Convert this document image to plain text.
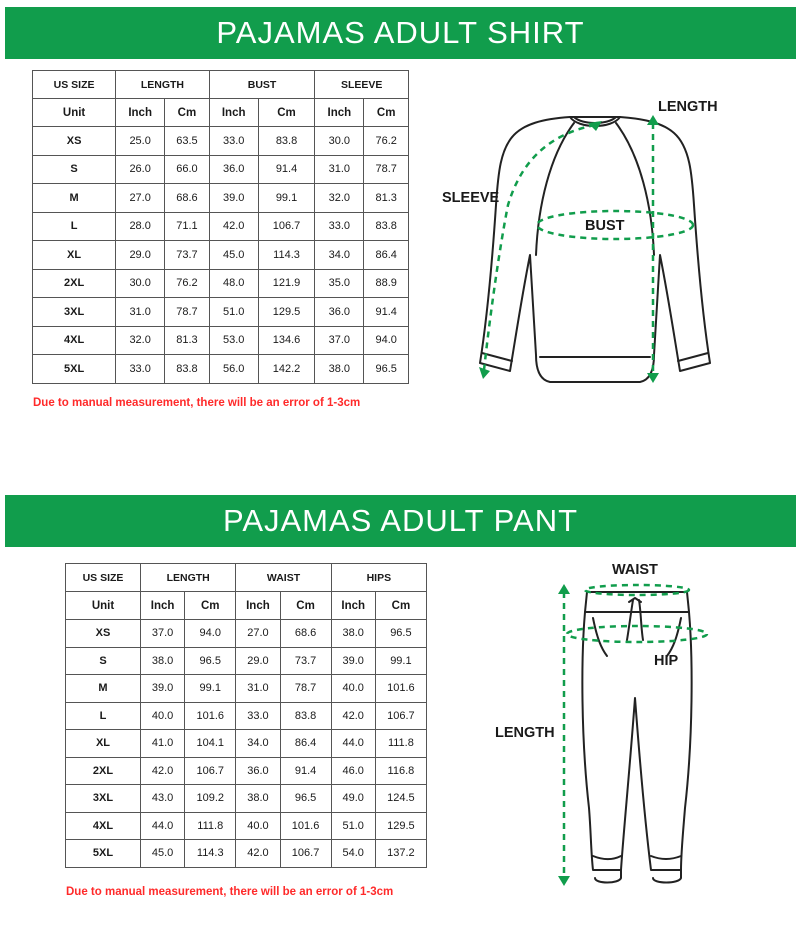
PAJAMAS ADULT SHIRT
US SIZE	LENGTH		BUST		SLEEVE	
Unit	Inch	Cm	Inch	Cm	Inch	Cm
XS	25.0	63.5	33.0	83.8	30.0	76.2
S	26.0	66.0	36.0	91.4	31.0	78.7
M	27.0	68.6	39.0	99.1	32.0	81.3
L	28.0	71.1	42.0	106.7	33.0	83.8
XL	29.0	73.7	45.0	114.3	34.0	86.4
2XL	30.0	76.2	48.0	121.9	35.0	88.9
3XL	31.0	78.7	51.0	129.5	36.0	91.4
4XL	32.0	81.3	53.0	134.6	37.0	94.0
5XL	33.0	83.8	56.0	142.2	38.0	96.5
Due to manual measurement, there will be an error of 1-3cm
LENGTH
SLEEVE
BUST
PAJAMAS ADULT PANT
US SIZE	LENGTH		WAIST		HIPS	
Unit	Inch	Cm	Inch	Cm	Inch	Cm
XS	37.0	94.0	27.0	68.6	38.0	96.5
S	38.0	96.5	29.0	73.7	39.0	99.1
M	39.0	99.1	31.0	78.7	40.0	101.6
L	40.0	101.6	33.0	83.8	42.0	106.7
XL	41.0	104.1	34.0	86.4	44.0	111.8
2XL	42.0	106.7	36.0	91.4	46.0	116.8
3XL	43.0	109.2	38.0	96.5	49.0	124.5
4XL	44.0	111.8	40.0	101.6	51.0	129.5
5XL	45.0	114.3	42.0	106.7	54.0	137.2
Due to manual measurement, there will be an error of 1-3cm
WAIST
HIP
LENGTH
